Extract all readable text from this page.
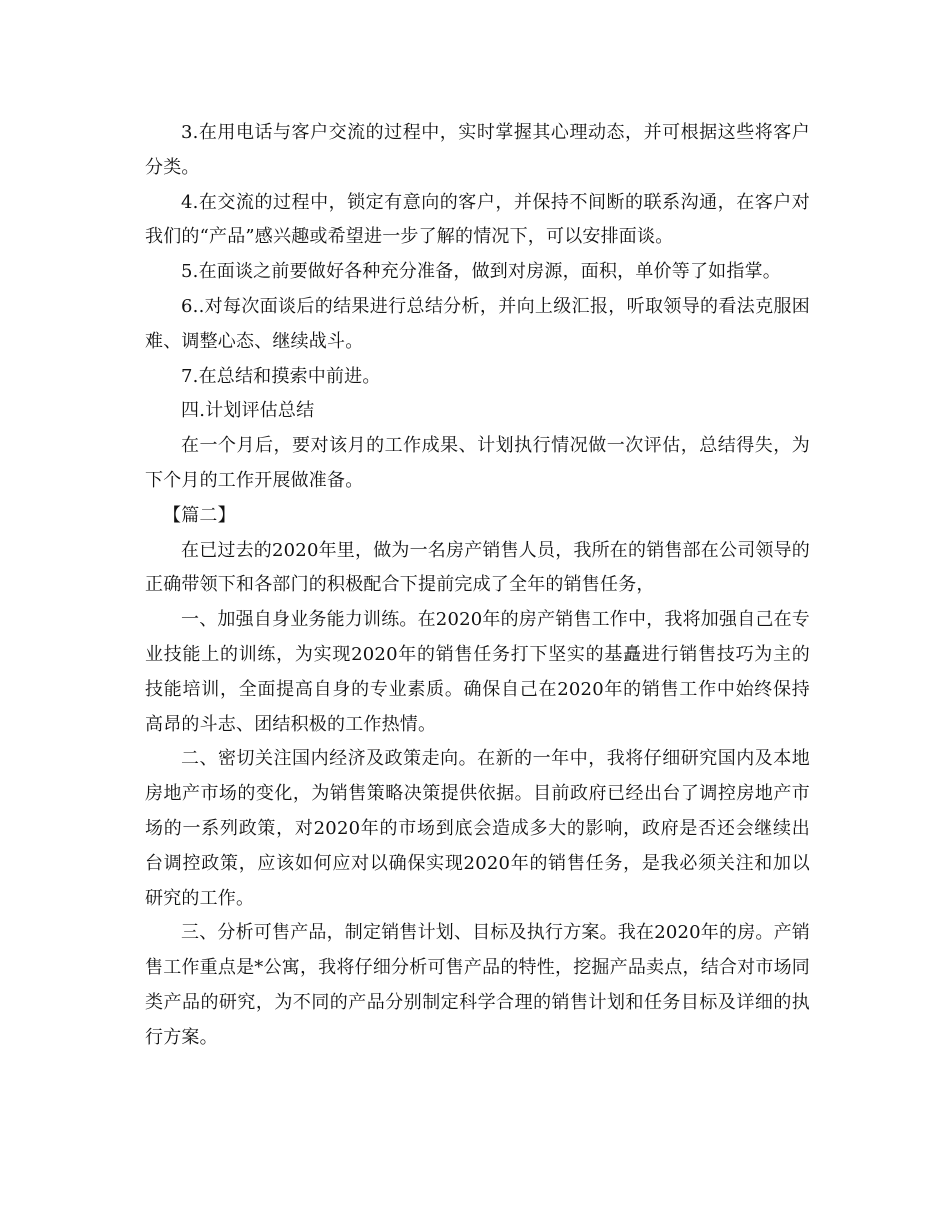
3.在用电话与客户交流的过程中，实时掌握其心理动态，并可根据这些将客户分类。

4.在交流的过程中，锁定有意向的客户，并保持不间断的联系沟通，在客户对我们的“产品”感兴趣或希望进一步了解的情况下，可以安排面谈。

5.在面谈之前要做好各种充分准备，做到对房源，面积，单价等了如指掌。

6..对每次面谈后的结果进行总结分析，并向上级汇报，听取领导的看法克服困难、调整心态、继续战斗。

7.在总结和摸索中前进。

四.计划评估总结

在一个月后，要对该月的工作成果、计划执行情况做一次评估，总结得失，为下个月的工作开展做准备。

【篇二】

在已过去的2020年里，做为一名房产销售人员，我所在的销售部在公司领导的正确带领下和各部门的积极配合下提前完成了全年的销售任务，

一、加强自身业务能力训练。在2020年的房产销售工作中，我将加强自己在专业技能上的训练，为实现2020年的销售任务打下坚实的基矗进行销售技巧为主的技能培训，全面提高自身的专业素质。确保自己在2020年的销售工作中始终保持高昂的斗志、团结积极的工作热情。

二、密切关注国内经济及政策走向。在新的一年中，我将仔细研究国内及本地房地产市场的变化，为销售策略决策提供依据。目前政府已经出台了调控房地产市场的一系列政策，对2020年的市场到底会造成多大的影响，政府是否还会继续出台调控政策，应该如何应对以确保实现2020年的销售任务，是我必须关注和加以研究的工作。

三、分析可售产品，制定销售计划、目标及执行方案。我在2020年的房。产销售工作重点是*公寓，我将仔细分析可售产品的特性，挖掘产品卖点，结合对市场同类产品的研究，为不同的产品分别制定科学合理的销售计划和任务目标及详细的执行方案。
